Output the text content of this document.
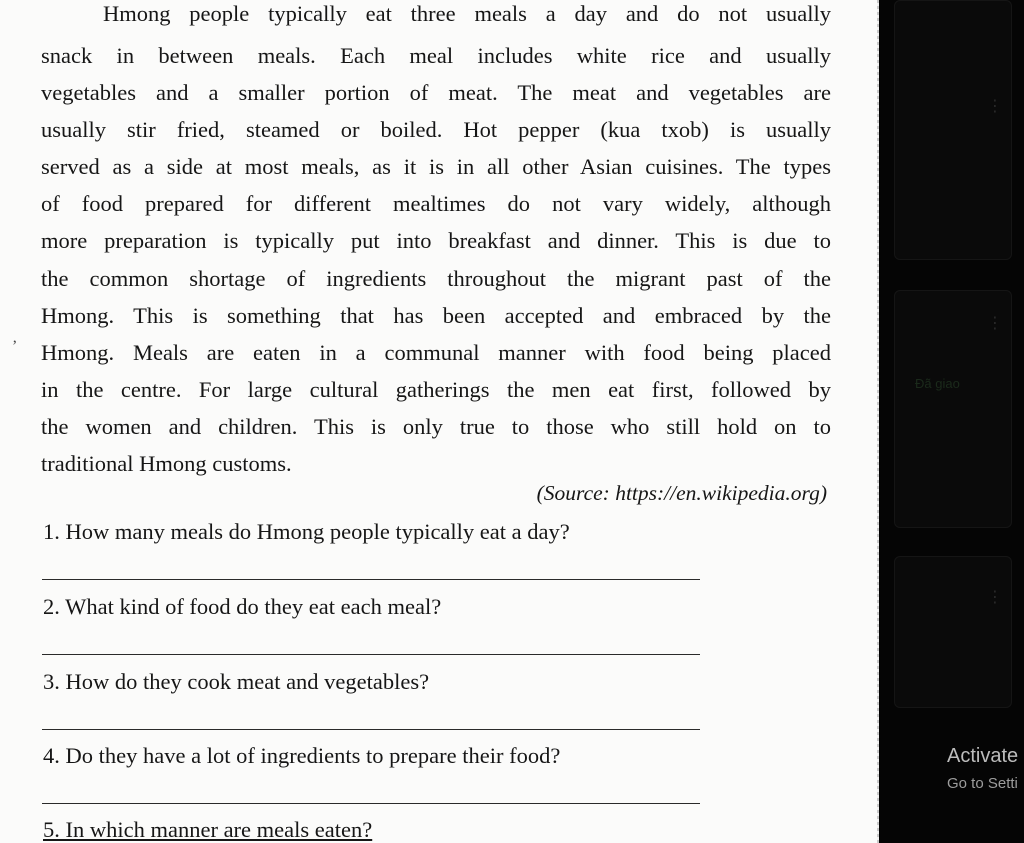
Hmong people typically eat three meals a day and do not usually
snack in between meals. Each meal includes white rice and usually
vegetables and a smaller portion of meat. The meat and vegetables are
usually stir fried, steamed or boiled. Hot pepper (kua txob) is usually
served as a side at most meals, as it is in all other Asian cuisines. The types
of food prepared for different mealtimes do not vary widely, although
more preparation is typically put into breakfast and dinner. This is due to
the common shortage of ingredients throughout the migrant past of the
Hmong. This is something that has been accepted and embraced by the
Hmong. Meals are eaten in a communal manner with food being placed
in the centre. For large cultural gatherings the men eat first, followed by
the women and children. This is only true to those who still hold on to
traditional Hmong customs.
’
(Source: https://en.wikipedia.org)
1. How many meals do Hmong people typically eat a day?
2. What kind of food do they eat each meal?
3. How do they cook meat and vegetables?
4. Do they have a lot of ingredients to prepare their food?
5. In which manner are meals eaten?
⋮
⋮
Đã giao
⋮
Activate
Go to Setti
